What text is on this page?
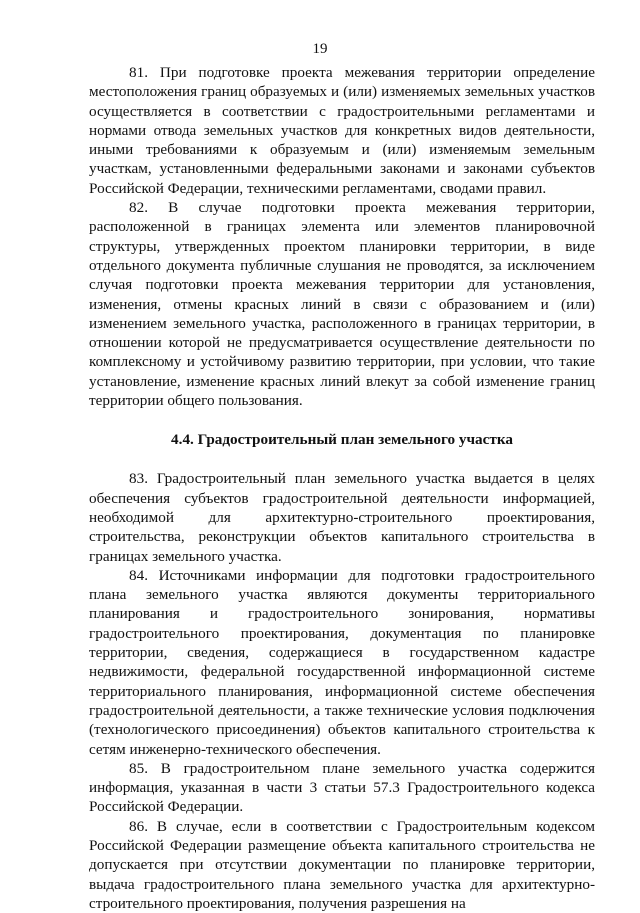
19

81. При подготовке проекта межевания территории определение местоположения границ образуемых и (или) изменяемых земельных участков осуществляется в соответствии с градостроительными регламентами и нормами отвода земельных участков для конкретных видов деятельности, иными требованиями к образуемым и (или) изменяемым земельным участкам, установленными федеральными законами и законами субъектов Российской Федерации, техническими регламентами, сводами правил.

82. В случае подготовки проекта межевания территории, расположенной в границах элемента или элементов планировочной структуры, утвержденных проектом планировки территории, в виде отдельного документа публичные слушания не проводятся, за исключением случая подготовки проекта межевания территории для установления, изменения, отмены красных линий в связи с образованием и (или) изменением земельного участка, расположенного в границах территории, в отношении которой не предусматривается осуществление деятельности по комплексному и устойчивому развитию территории, при условии, что такие установление, изменение красных линий влекут за собой изменение границ территории общего пользования.

4.4. Градостроительный план земельного участка

83. Градостроительный план земельного участка выдается в целях обеспечения субъектов градостроительной деятельности информацией, необходимой для архитектурно-строительного проектирования, строительства, реконструкции объектов капитального строительства в границах земельного участка.

84. Источниками информации для подготовки градостроительного плана земельного участка являются документы территориального планирования и градостроительного зонирования, нормативы градостроительного проектирования, документация по планировке территории, сведения, содержащиеся в государственном кадастре недвижимости, федеральной государственной информационной системе территориального планирования, информационной системе обеспечения градостроительной деятельности, а также технические условия подключения (технологического присоединения) объектов капитального строительства к сетям инженерно-технического обеспечения.

85. В градостроительном плане земельного участка содержится информация, указанная в части 3 статьи 57.3 Градостроительного кодекса Российской Федерации.

86. В случае, если в соответствии с Градостроительным кодексом Российской Федерации размещение объекта капитального строительства не допускается при отсутствии документации по планировке территории, выдача градостроительного плана земельного участка для архитектурно-строительного проектирования, получения разрешения на
